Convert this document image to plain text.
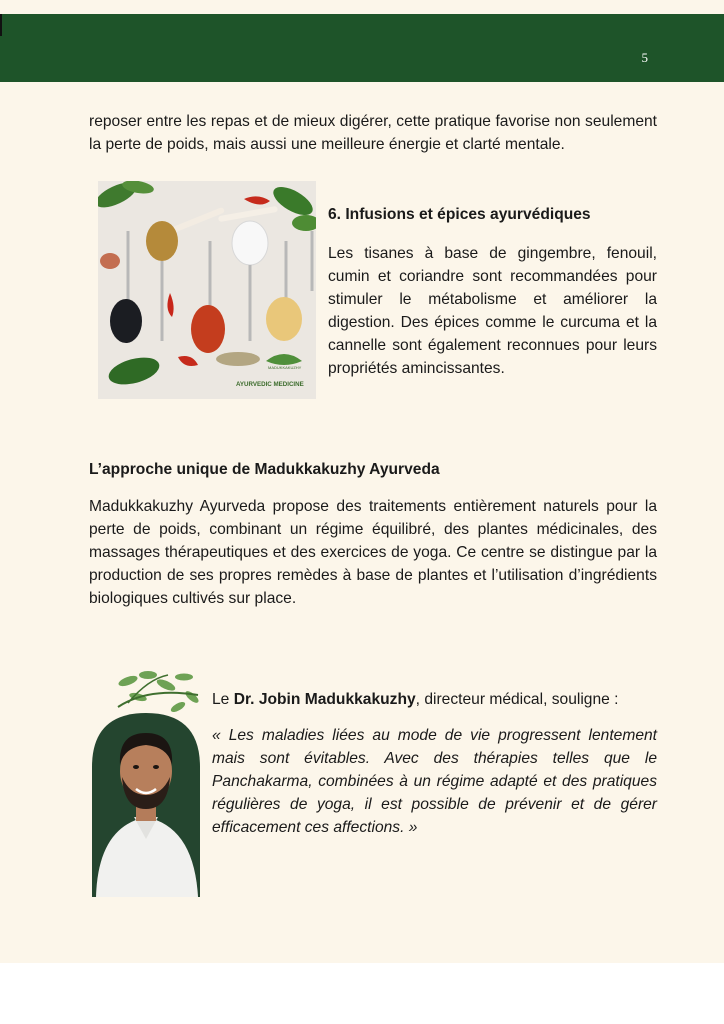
5

reposer entre les repas et de mieux digérer, cette pratique favorise non seulement la perte de poids, mais aussi une meilleure énergie et clarté mentale.

MADUKKAKUZHY
AYURVEDIC MEDICINE
6. Infusions et épices ayurvédiques

Les tisanes à base de gingembre, fenouil, cumin et coriandre sont recommandées pour stimuler le métabolisme et améliorer la digestion. Des épices comme le curcuma et la cannelle sont également reconnues pour leurs propriétés amincissantes.

L’approche unique de Madukkakuzhy Ayurveda

Madukkakuzhy Ayurveda propose des traitements entièrement naturels pour la perte de poids, combinant un régime équilibré, des plantes médicinales, des massages thérapeutiques et des exercices de yoga. Ce centre se distingue par la production de ses propres remèdes à base de plantes et l’utilisation d’ingrédients biologiques cultivés sur place.

Le Dr. Jobin Madukkakuzhy, directeur médical, souligne :

« Les maladies liées au mode de vie progressent lentement mais sont évitables. Avec des thérapies telles que le Panchakarma, combinées à un régime adapté et des pratiques régulières de yoga, il est possible de prévenir et de gérer efficacement ces affections. »
